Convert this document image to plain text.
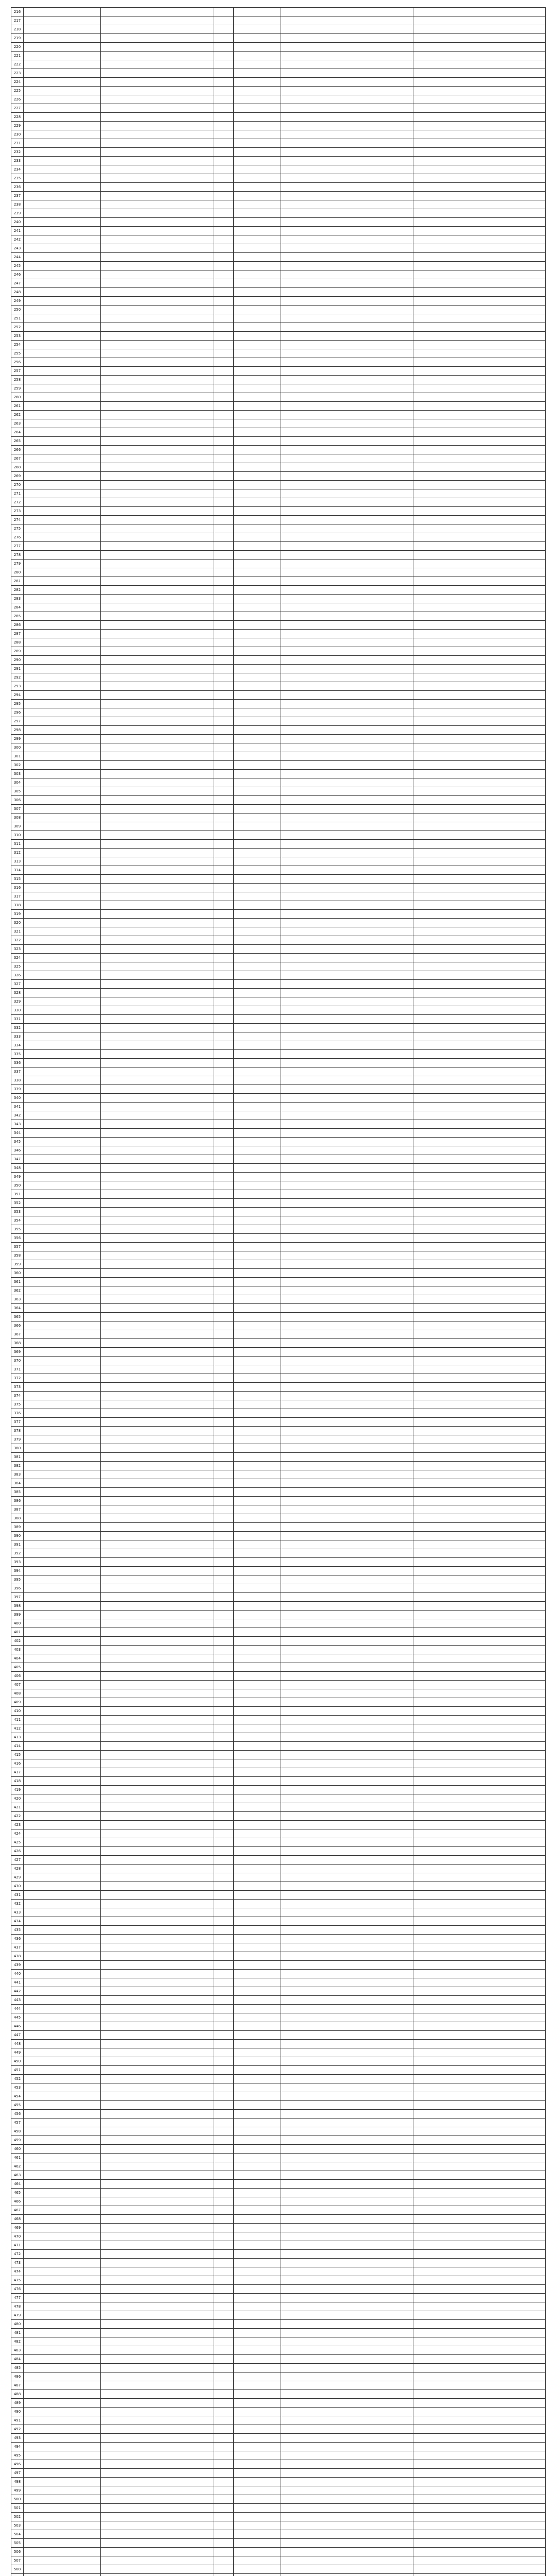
216						
217						
218						
219						
220						
221						
222						
223						
224						
225						
226						
227						
228						
229						
230						
231						
232						
233						
234						
235						
236						
237						
238						
239						
240						
241						
242						
243						
244						
245						
246						
247						
248						
249						
250						
251						
252						
253						
254						
255						
256						
257						
258						
259						
260						
261						
262						
263						
264						
265						
266						
267						
268						
269						
270						
271						
272						
273						
274						
275						
276						
277						
278						
279						
280						
281						
282						
283						
284						
285						
286						
287						
288						
289						
290						
291						
292						
293						
294						
295						
296						
297						
298						
299						
300						
301						
302						
303						
304						
305						
306						
307						
308						
309						
310						
311						
312						
313						
314						
315						
316						
317						
318						
319						
320						
321						
322						
323						
324						
325						
326						
327						
328						
329						
330						
331						
332						
333						
334						
335						
336						
337						
338						
339						
340						
341						
342						
343						
344						
345						
346						
347						
348						
349						
350						
351						
352						
353						
354						
355						
356						
357						
358						
359						
360						
361						
362						
363						
364						
365						
366						
367						
368						
369						
370						
371						
372						
373						
374						
375						
376						
377						
378						
379						
380						
381						
382						
383						
384						
385						
386						
387						
388						
389						
390						
391						
392						
393						
394						
395						
396						
397						
398						
399						
400						
401						
402						
403						
404						
405						
406						
407						
408						
409						
410						
411						
412						
413						
414						
415						
416						
417						
418						
419						
420						
421						
422						
423						
424						
425						
426						
427						
428						
429						
430						
431						
432						
433						
434						
435						
436						
437						
438						
439						
440						
441						
442						
443						
444						
445						
446						
447						
448						
449						
450						
451						
452						
453						
454						
455						
456						
457						
458						
459						
460						
461						
462						
463						
464						
465						
466						
467						
468						
469						
470						
471						
472						
473						
474						
475						
476						
477						
478						
479						
480						
481						
482						
483						
484						
485						
486						
487						
488						
489						
490						
491						
492						
493						
494						
495						
496						
497						
498						
499						
500						
501						
502						
503						
504						
505						
506						
507						
508						
